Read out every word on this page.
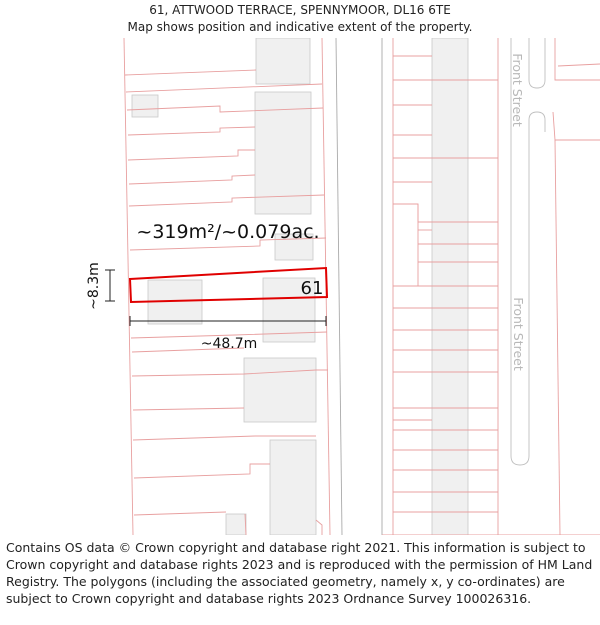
61, ATTWOOD TERRACE, SPENNYMOOR, DL16 6TE
Map shows position and indicative extent of the property.
~319m²/~0.079ac.
61
~8.3m
~48.7m
Front Street
Front Street
Contains OS data © Crown copyright and database right 2021. This information is subject to Crown copyright and database rights 2023 and is reproduced with the permission of HM Land Registry. The polygons (including the associated geometry, namely x, y co-ordinates) are subject to Crown copyright and database rights 2023 Ordnance Survey 100026316.
